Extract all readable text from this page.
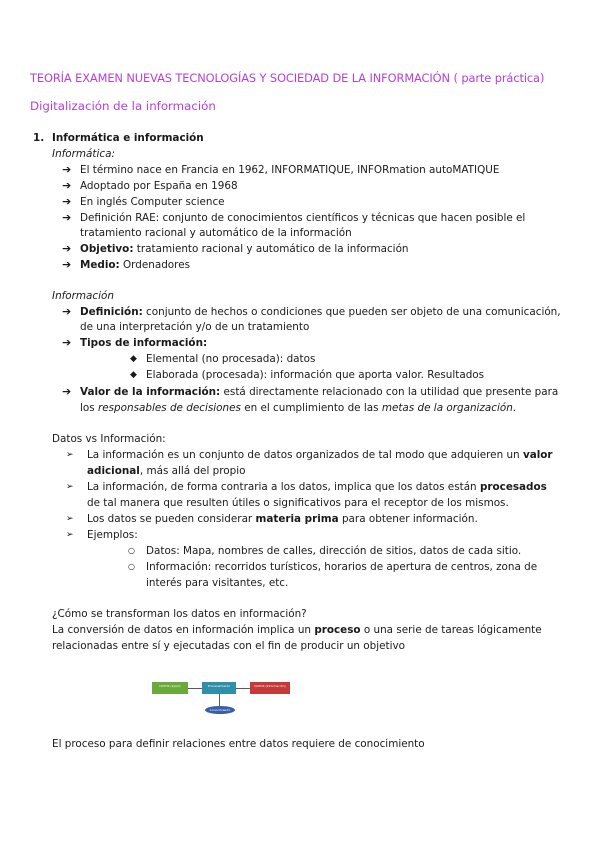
TEORÍA EXAMEN NUEVAS TECNOLOGÍAS Y SOCIEDAD DE LA INFORMACIÓN ( parte práctica)
Digitalización de la información
1. Informática e información
Informática:
➔ El término nace en Francia en 1962, INFORMATIQUE, INFORmation autoMATIQUE
➔ Adoptado por España en 1968
➔ En inglés Computer science
➔ Definición RAE: conjunto de conocimientos científicos y técnicas que hacen posible el
tratamiento racional y automático de la información
➔ Objetivo: tratamiento racional y automático de la información
➔ Medio: Ordenadores
Información
➔ Definición: conjunto de hechos o condiciones que pueden ser objeto de una comunicación,
de una interpretación y/o de un tratamiento
➔ Tipos de información:
◆ Elemental (no procesada): datos
◆ Elaborada (procesada): información que aporta valor. Resultados
➔ Valor de la información: está directamente relacionado con la utilidad que presente para
los responsables de decisiones en el cumplimiento de las metas de la organización.
Datos vs Información:
➢ La información es un conjunto de datos organizados de tal modo que adquieren un valor
adicional, más allá del propio
➢ La información, de forma contraria a los datos, implica que los datos están procesados
de tal manera que resulten útiles o significativos para el receptor de los mismos.
➢ Los datos se pueden considerar materia prima para obtener información.
➢ Ejemplos:
○ Datos: Mapa, nombres de calles, dirección de sitios, datos de cada sitio.
○ Información: recorridos turísticos, horarios de apertura de centros, zona de
interés para visitantes, etc.
¿Cómo se transforman los datos en información?
La conversión de datos en información implica un proceso o una serie de tareas lógicamente
relacionadas entre sí y ejecutadas con el fin de producir un objetivo
DATOS (input)	Procesamiento	DATOS (Información)
Conocimiento
El proceso para definir relaciones entre datos requiere de conocimiento
